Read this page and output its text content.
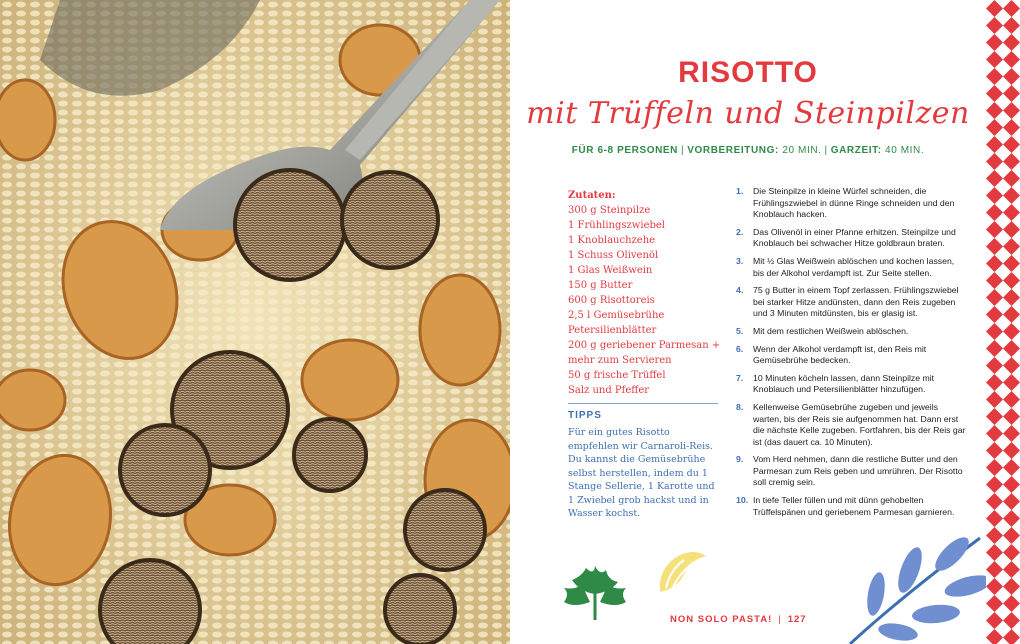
RISOTTO
mit Trüffeln und Steinpilzen
FÜR 6-8 PERSONEN | VORBEREITUNG: 20 MIN. | GARZEIT: 40 MIN.
Zutaten:
300 g Steinpilze
1 Frühlingszwiebel
1 Knoblauchzehe
1 Schuss Olivenöl
1 Glas Weißwein
150 g Butter
600 g Risottoreis
2,5 l Gemüsebrühe
Petersilienblätter
200 g geriebener Parmesan +
mehr zum Servieren
50 g frische Trüffel
Salz und Pfeffer
TIPPS
Für ein gutes Risotto empfehlen wir Carnaroli-Reis. Du kannst die Gemüsebrühe selbst herstellen, indem du 1 Stange Sellerie, 1 Karotte und 1 Zwiebel grob hackst und in Wasser kochst.
1. Die Steinpilze in kleine Würfel schneiden, die Frühlingszwiebel in dünne Ringe schneiden und den Knoblauch hacken.
2. Das Olivenöl in einer Pfanne erhitzen. Steinpilze und Knoblauch bei schwacher Hitze goldbraun braten.
3. Mit ½ Glas Weißwein ablöschen und kochen lassen, bis der Alkohol verdampft ist. Zur Seite stellen.
4. 75 g Butter in einem Topf zerlassen. Frühlingszwiebel bei starker Hitze andünsten, dann den Reis zugeben und 3 Minuten mitdünsten, bis er glasig ist.
5. Mit dem restlichen Weißwein ablöschen.
6. Wenn der Alkohol verdampft ist, den Reis mit Gemüsebrühe bedecken.
7. 10 Minuten köcheln lassen, dann Steinpilze mit Knoblauch und Petersilienblätter hinzufügen.
8. Kellenweise Gemüsebrühe zugeben und jeweils warten, bis der Reis sie aufgenommen hat. Dann erst die nächste Kelle zugeben. Fortfahren, bis der Reis gar ist (das dauert ca. 10 Minuten).
9. Vom Herd nehmen, dann die restliche Butter und den Parmesan zum Reis geben und umrühren. Der Risotto soll cremig sein.
10. In tiefe Teller füllen und mit dünn gehobelten Trüffelspänen und geriebenem Parmesan garnieren.
NON SOLO PASTA! | 127
